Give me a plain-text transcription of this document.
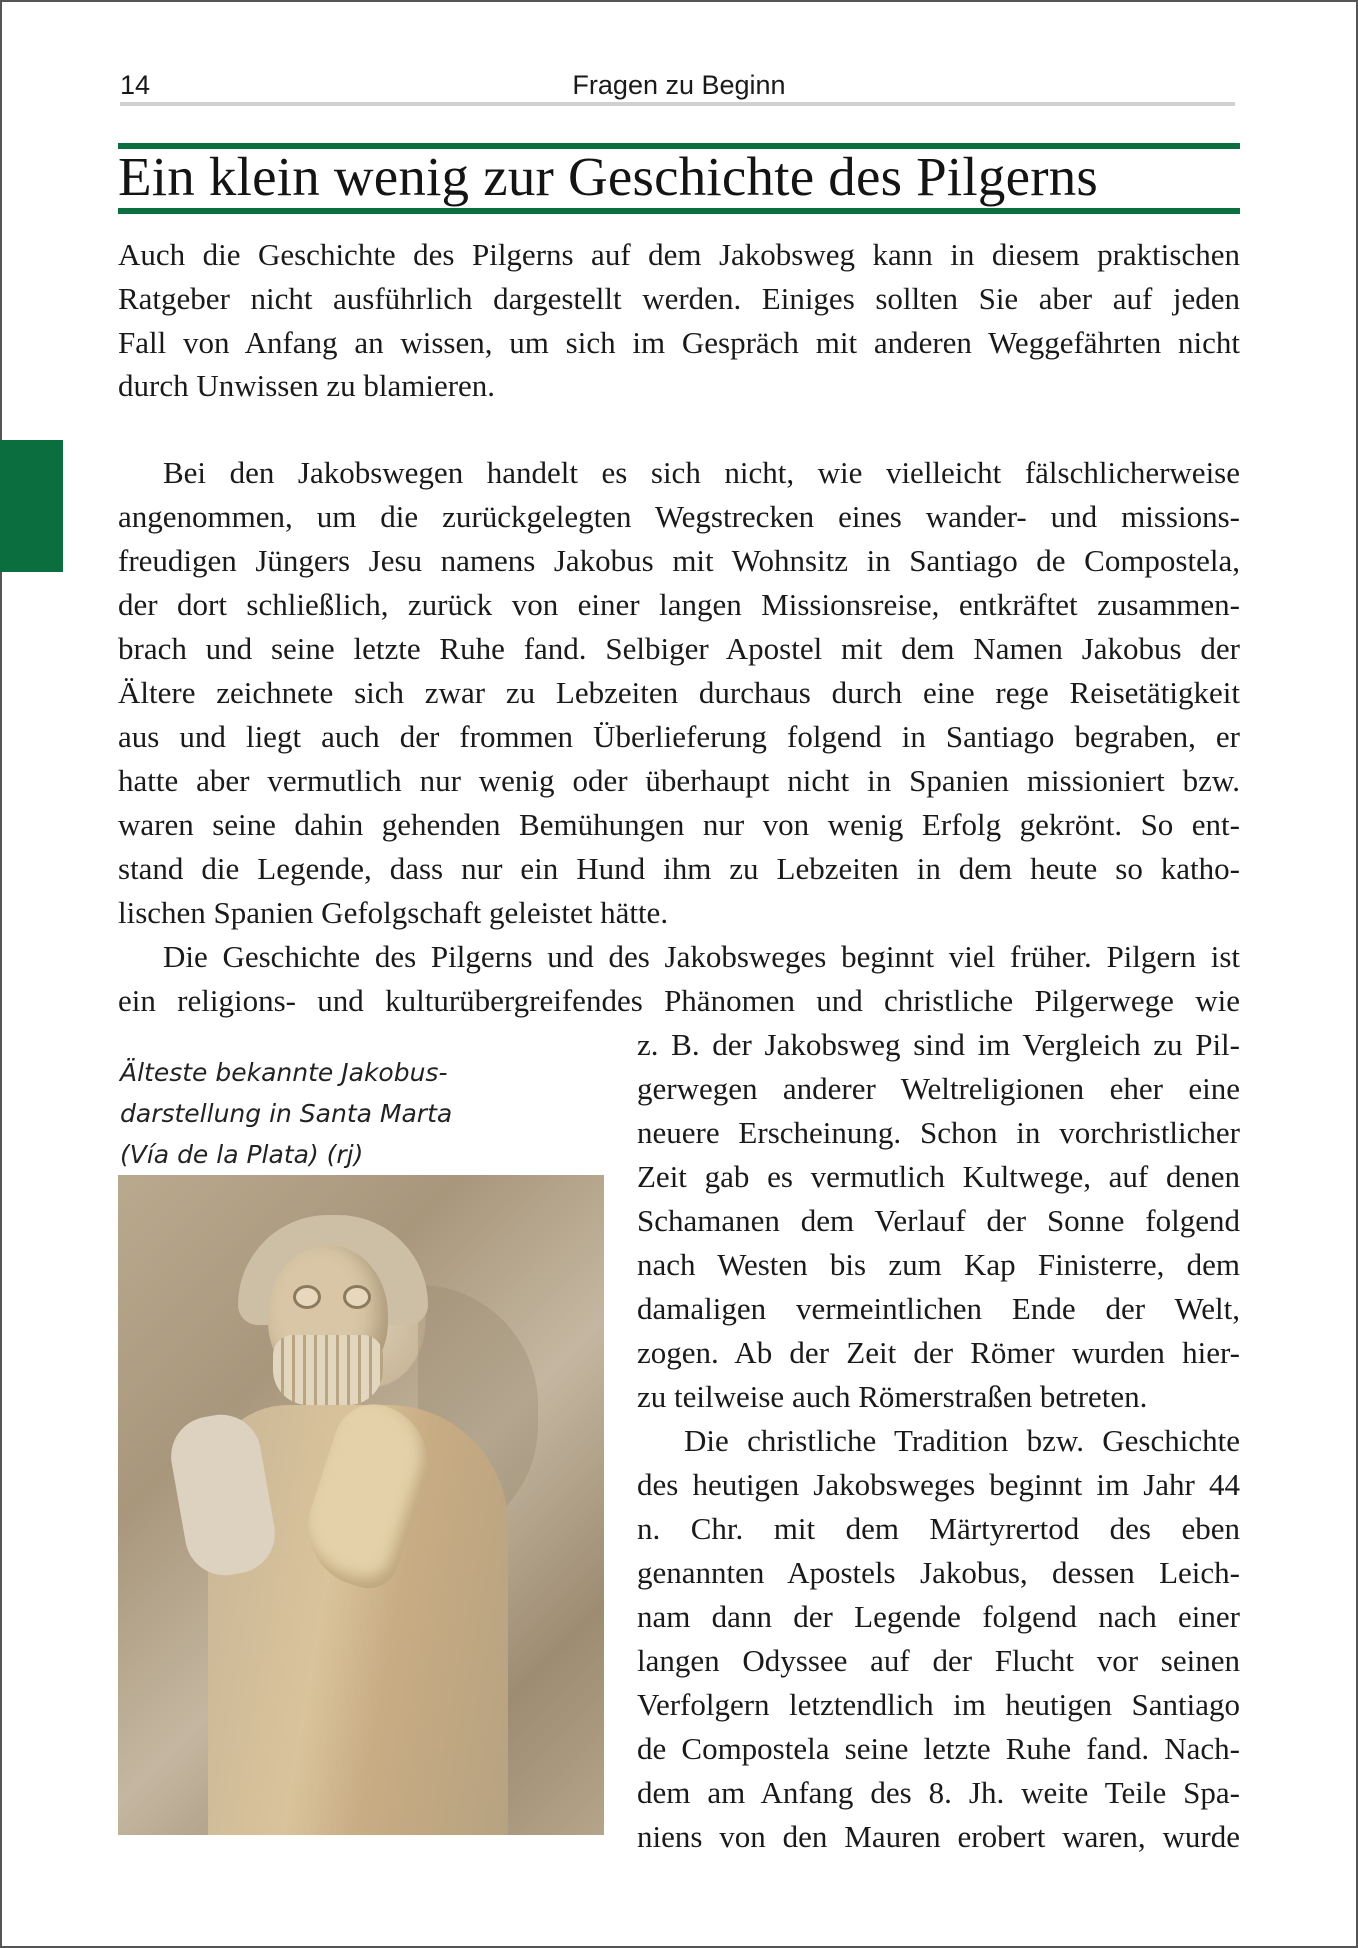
14	Fragen zu Beginn
Ein klein wenig zur Geschichte des Pilgerns
Auch die Geschichte des Pilgerns auf dem Jakobsweg kann in diesem praktischen
Ratgeber nicht ausführlich dargestellt werden. Einiges sollten Sie aber auf jeden
Fall von Anfang an wissen, um sich im Gespräch mit anderen Weggefährten nicht
durch Unwissen zu blamieren.
Bei den Jakobswegen handelt es sich nicht, wie vielleicht fälschlicherweise
angenommen, um die zurückgelegten Wegstrecken eines wander- und missions-
freudigen Jüngers Jesu namens Jakobus mit Wohnsitz in Santiago de Compostela,
der dort schließlich, zurück von einer langen Missionsreise, entkräftet zusammen-
brach und seine letzte Ruhe fand. Selbiger Apostel mit dem Namen Jakobus der
Ältere zeichnete sich zwar zu Lebzeiten durchaus durch eine rege Reisetätigkeit
aus und liegt auch der frommen Überlieferung folgend in Santiago begraben, er
hatte aber vermutlich nur wenig oder überhaupt nicht in Spanien missioniert bzw.
waren seine dahin gehenden Bemühungen nur von wenig Erfolg gekrönt. So ent-
stand die Legende, dass nur ein Hund ihm zu Lebzeiten in dem heute so katho-
lischen Spanien Gefolgschaft geleistet hätte.
Die Geschichte des Pilgerns und des Jakobsweges beginnt viel früher. Pilgern ist
ein religions- und kulturübergreifendes Phänomen und christliche Pilgerwege wie
z. B. der Jakobsweg sind im Vergleich zu Pil-
gerwegen anderer Weltreligionen eher eine
neuere Erscheinung. Schon in vorchristlicher
Zeit gab es vermutlich Kultwege, auf denen
Schamanen dem Verlauf der Sonne folgend
nach Westen bis zum Kap Finisterre, dem
damaligen vermeintlichen Ende der Welt,
zogen. Ab der Zeit der Römer wurden hier-
zu teilweise auch Römerstraßen betreten.
Die christliche Tradition bzw. Geschichte
des heutigen Jakobsweges beginnt im Jahr 44
n. Chr. mit dem Märtyrertod des eben
genannten Apostels Jakobus, dessen Leich-
nam dann der Legende folgend nach einer
langen Odyssee auf der Flucht vor seinen
Verfolgern letztendlich im heutigen Santiago
de Compostela seine letzte Ruhe fand. Nach-
dem am Anfang des 8. Jh. weite Teile Spa-
niens von den Mauren erobert waren, wurde
Älteste bekannte Jakobus-
darstellung in Santa Marta
(Vía de la Plata) (rj)
